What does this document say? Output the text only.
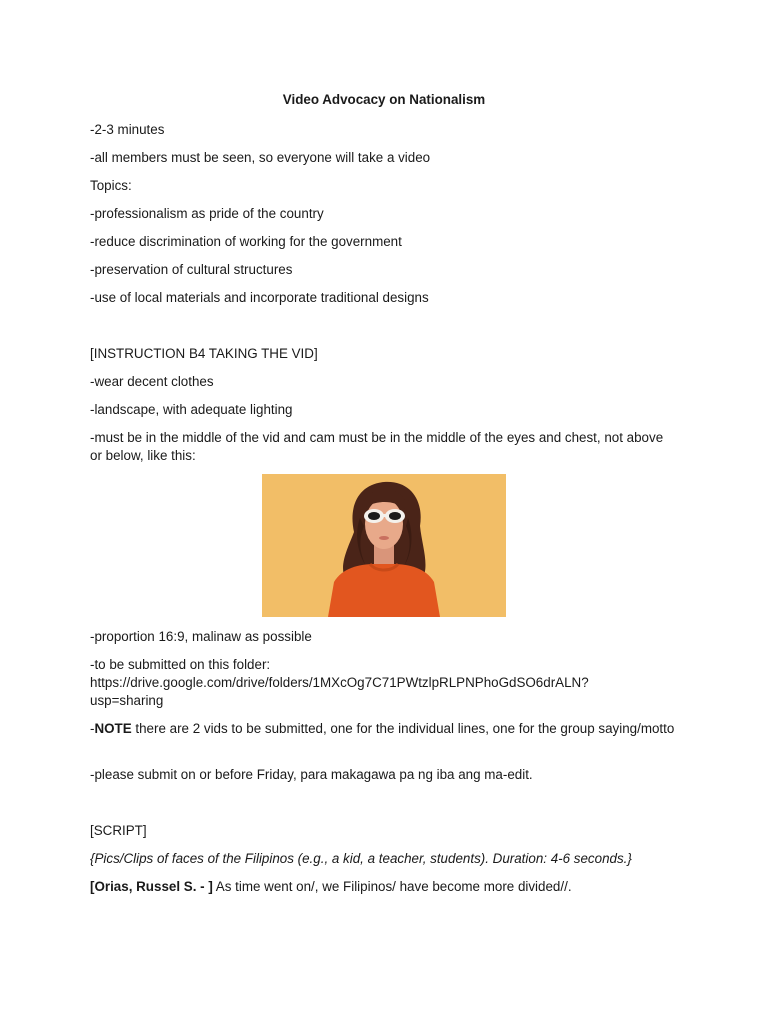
Video Advocacy on Nationalism
-2-3 minutes
-all members must be seen, so everyone will take a video
Topics:
-professionalism as pride of the country
-reduce discrimination of working for the government
-preservation of cultural structures
-use of local materials and incorporate traditional designs
[INSTRUCTION B4 TAKING THE VID]
-wear decent clothes
-landscape, with adequate lighting
-must be in the middle of the vid and cam must be in the middle of the eyes and chest, not above or below, like this:
-proportion 16:9, malinaw as possible
-to be submitted on this folder:
https://drive.google.com/drive/folders/1MXcOg7C71PWtzlpRLPNPhoGdSO6drALN?
usp=sharing
-NOTE there are 2 vids to be submitted, one for the individual lines, one for the group saying/motto
-please submit on or before Friday, para makagawa pa ng iba ang ma-edit.
[SCRIPT]
{Pics/Clips of faces of the Filipinos (e.g., a kid, a teacher, students). Duration: 4-6 seconds.}
[Orias, Russel S. - ] As time went on/, we Filipinos/ have become more divided//.
